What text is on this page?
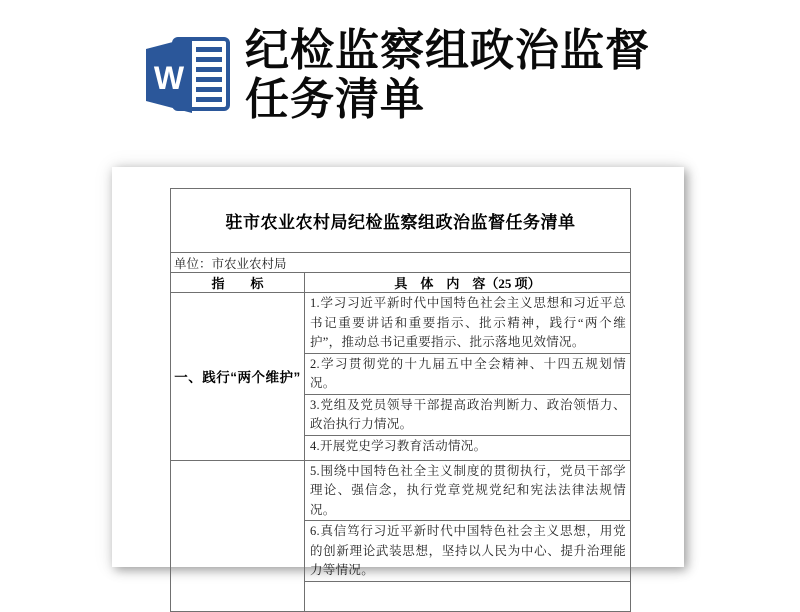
W
纪检监察组政治监督
任务清单
驻市农业农村局纪检监察组政治监督任务清单	
单位：市农业农村局	
指　　标	具　体　内　容（25 项）
一、践行“两个维护”	1.学习习近平新时代中国特色社会主义思想和习近平总书记重要讲话和重要指示、批示精神，践行“两个维护”，推动总书记重要指示、批示落地见效情况。
	2.学习贯彻党的十九届五中全会精神、十四五规划情况。
	3.党组及党员领导干部提高政治判断力、政治领悟力、政治执行力情况。
	4.开展党史学习教育活动情况。
	5.围绕中国特色社全主义制度的贯彻执行，党员干部学理论、强信念，执行党章党规党纪和宪法法律法规情况。
	6.真信笃行习近平新时代中国特色社会主义思想，用党的创新理论武装思想，坚持以人民为中心、提升治理能力等情况。
